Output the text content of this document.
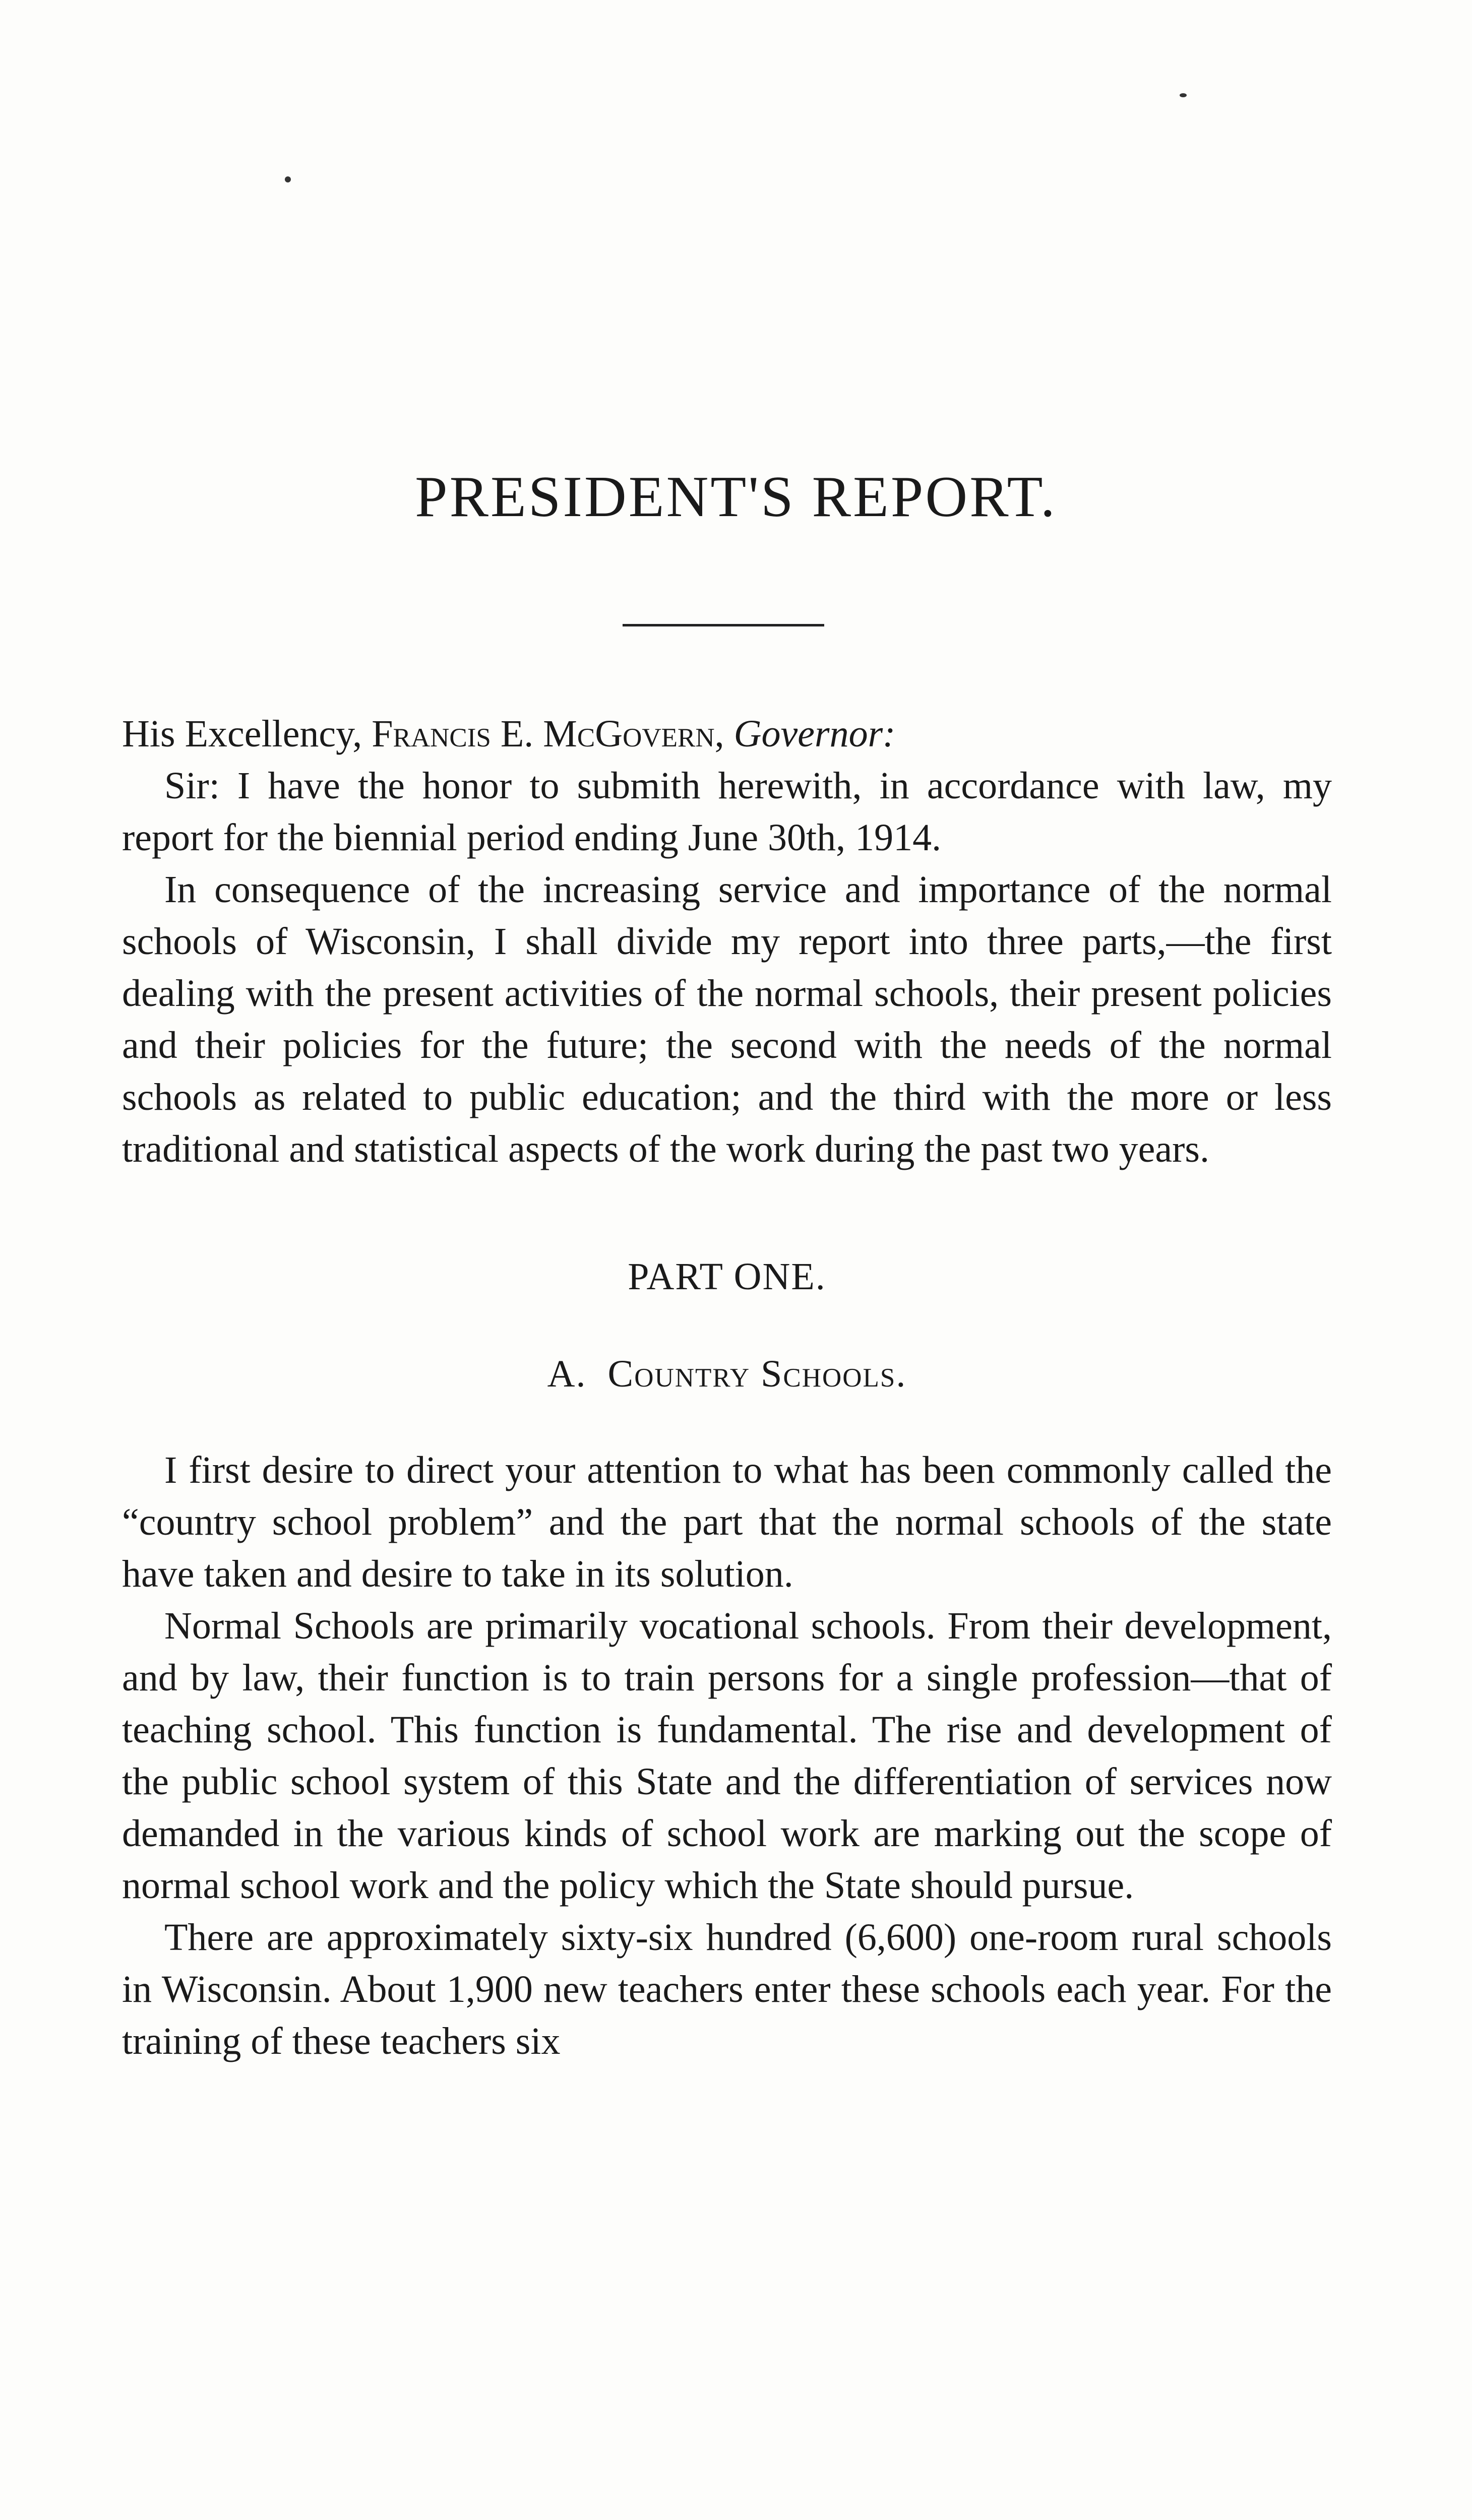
PRESIDENT'S REPORT.

His Excellency, Francis E. McGovern, Governor:

Sir: I have the honor to submith herewith, in accordance with law, my report for the biennial period ending June 30th, 1914.

In consequence of the increasing service and importance of the normal schools of Wisconsin, I shall divide my report into three parts,—the first dealing with the present activities of the normal schools, their present policies and their policies for the future; the second with the needs of the normal schools as related to public education; and the third with the more or less traditional and statistical aspects of the work during the past two years.

PART ONE.

A. Country Schools.

I first desire to direct your attention to what has been commonly called the “country school problem” and the part that the normal schools of the state have taken and desire to take in its solution.

Normal Schools are primarily vocational schools. From their development, and by law, their function is to train persons for a single profession—that of teaching school. This function is fundamental. The rise and development of the public school system of this State and the differentiation of services now demanded in the various kinds of school work are marking out the scope of normal school work and the policy which the State should pursue.

There are approximately sixty-six hundred (6,600) one-room rural schools in Wisconsin. About 1,900 new teachers enter these schools each year. For the training of these teachers six
